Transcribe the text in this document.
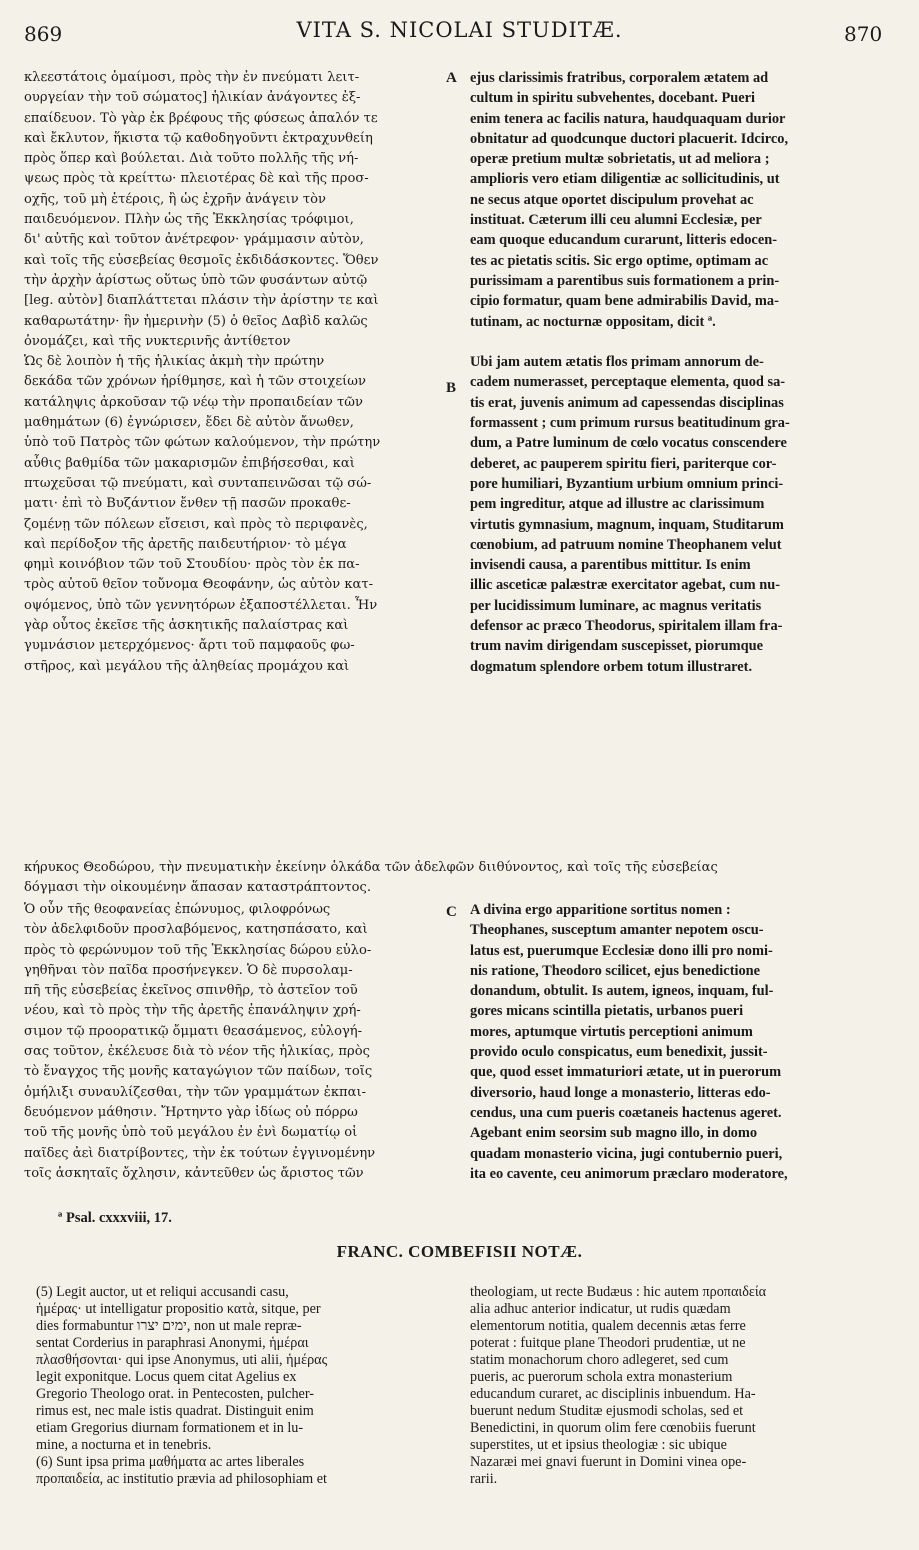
869	VITA S. NICOLAI STUDITÆ.	870
κλεεστάτοις ὁμαίμοσι, πρὸς τὴν ἐν πνεύματι λειτ-
ουργείαν τὴν τοῦ σώματος] ἡλικίαν ἀνάγοντες ἐξ-
επαίδευον. Τὸ γὰρ ἐκ βρέφους τῆς φύσεως ἁπαλόν τε
καὶ ἔκλυτον, ἥκιστα τῷ καθοδηγοῦντι ἐκτραχυνθείη
πρὸς ὅπερ καὶ βούλεται. Διὰ τοῦτο πολλῆς τῆς νή-
ψεως πρὸς τὰ κρείττω· πλειοτέρας δὲ καὶ τῆς προσ-
οχῆς, τοῦ μὴ ἑτέροις, ἢ ὡς ἐχρῆν ἀνάγειν τὸν
παιδευόμενον. Πλὴν ὡς τῆς Ἐκκλησίας τρόφιμοι,
δι' αὐτῆς καὶ τοῦτον ἀνέτρεφον· γράμμασιν αὐτὸν,
καὶ τοῖς τῆς εὐσεβείας θεσμοῖς ἐκδιδάσκοντες. Ὅθεν
τὴν ἀρχὴν ἀρίστως οὕτως ὑπὸ τῶν φυσάντων αὐτῷ
[leg. αὐτὸν] διαπλάττεται πλάσιν τὴν ἀρίστην τε καὶ
καθαρωτάτην· ἣν ἡμερινὴν (5) ὁ θεῖος Δαβὶδ καλῶς
ὀνομάζει, καὶ τῆς νυκτερινῆς ἀντίθετον
Ὡς δὲ λοιπὸν ἡ τῆς ἡλικίας ἀκμὴ τὴν πρώτην
δεκάδα τῶν χρόνων ἠρίθμησε, καὶ ἡ τῶν στοιχείων
κατάληψις ἀρκοῦσαν τῷ νέῳ τὴν προπαιδείαν τῶν
μαθημάτων (6) ἐγνώρισεν, ἔδει δὲ αὐτὸν ἄνωθεν,
ὑπὸ τοῦ Πατρὸς τῶν φώτων καλούμενον, τὴν πρώτην
αὖθις βαθμίδα τῶν μακαρισμῶν ἐπιβήσεσθαι, καὶ
πτωχεῦσαι τῷ πνεύματι, καὶ συνταπεινῶσαι τῷ σώ-
ματι· ἐπὶ τὸ Βυζάντιον ἔνθεν τῇ πασῶν προκαθε-
ζομένῃ τῶν πόλεων εἴσεισι, καὶ πρὸς τὸ περιφανὲς,
καὶ περίδοξον τῆς ἀρετῆς παιδευτήριον· τὸ μέγα
φημὶ κοινόβιον τῶν τοῦ Στουδίου· πρὸς τὸν ἐκ πα-
τρὸς αὐτοῦ θεῖον τοὔνομα Θεοφάνην, ὡς αὐτὸν κατ-
οψόμενος, ὑπὸ τῶν γεννητόρων ἐξαποστέλλεται. Ἦν
γὰρ οὗτος ἐκεῖσε τῆς ἀσκητικῆς παλαίστρας καὶ
γυμνάσιον μετερχόμενος· ἄρτι τοῦ παμφαοῦς φω-
στῆρος, καὶ μεγάλου τῆς ἀληθείας προμάχου καὶ
ejus clarissimis fratribus, corporalem ætatem ad
cultum in spiritu subvehentes, docebant. Pueri
enim tenera ac facilis natura, haudquaquam durior
obnitatur ad quodcunque ductori placuerit. Idcirco,
operæ pretium multæ sobrietatis, ut ad meliora ;
amplioris vero etiam diligentiæ ac sollicitudinis, ut
ne secus atque oportet discipulum provehat ac
instituat. Cæterum illi ceu alumni Ecclesiæ, per
eam quoque educandum curarunt, litteris edocen-
tes ac pietatis scitis. Sic ergo optime, optimam ac
purissimam a parentibus suis formationem a prin-
cipio formatur, quam bene admirabilis David, ma-
tutinam, ac nocturnæ oppositam, dicit ª.
Ubi jam autem ætatis flos primam annorum de-
cadem numerasset, perceptaque elementa, quod sa-
tis erat, juvenis animum ad capessendas disciplinas
formassent ; cum primum rursus beatitudinum gra-
dum, a Patre luminum de cœlo vocatus conscendere
deberet, ac pauperem spiritu fieri, pariterque cor-
pore humiliari, Byzantium urbium omnium princi-
pem ingreditur, atque ad illustre ac clarissimum
virtutis gymnasium, magnum, inquam, Studitarum
cœnobium, ad patruum nomine Theophanem velut
invisendi causa, a parentibus mittitur. Is enim
illic asceticæ palæstræ exercitator agebat, cum nu-
per lucidissimum luminare, ac magnus veritatis
defensor ac præco Theodorus, spiritalem illam fra-
trum navim dirigendam suscepisset, piorumque
dogmatum splendore orbem totum illustraret.
A
B
κήρυκος Θεοδώρου, τὴν πνευματικὴν ἐκείνην ὁλκάδα τῶν ἀδελφῶν διιθύνοντος, καὶ τοῖς τῆς εὐσεβείας
δόγμασι τὴν οἰκουμένην ἅπασαν καταστράπτοντος.
C
Ὁ οὖν τῆς θεοφανείας ἐπώνυμος, φιλοφρόνως
τὸν ἀδελφιδοῦν προσλαβόμενος, κατησπάσατο, καὶ
πρὸς τὸ φερώνυμον τοῦ τῆς Ἐκκλησίας δώρου εὐλο-
γηθῆναι τὸν παῖδα προσήνεγκεν. Ὁ δὲ πυρσολαμ-
πῆ τῆς εὐσεβείας ἐκεῖνος σπινθῆρ, τὸ ἀστεῖον τοῦ
νέου, καὶ τὸ πρὸς τὴν τῆς ἀρετῆς ἐπανάληψιν χρή-
σιμον τῷ προορατικῷ ὄμματι θεασάμενος, εὐλογή-
σας τοῦτον, ἐκέλευσε διὰ τὸ νέον τῆς ἡλικίας, πρὸς
τὸ ἔναγχος τῆς μονῆς καταγώγιον τῶν παίδων, τοῖς
ὁμήλιξι συναυλίζεσθαι, τὴν τῶν γραμμάτων ἐκπαι-
δευόμενον μάθησιν. Ἤρτηντο γὰρ ἰδίως οὐ πόρρω
τοῦ τῆς μονῆς ὑπὸ τοῦ μεγάλου ἐν ἑνὶ δωματίῳ οἱ
παῖδες ἀεὶ διατρίβοντες, τὴν ἐκ τούτων ἐγγινομένην
τοῖς ἀσκηταῖς ὄχλησιν, κἀντεῦθεν ὡς ἄριστος τῶν
A divina ergo apparitione sortitus nomen :
Theophanes, susceptum amanter nepotem oscu-
latus est, puerumque Ecclesiæ dono illi pro nomi-
nis ratione, Theodoro scilicet, ejus benedictione
donandum, obtulit. Is autem, igneos, inquam, ful-
gores micans scintilla pietatis, urbanos pueri
mores, aptumque virtutis perceptioni animum
provido oculo conspicatus, eum benedixit, jussit-
que, quod esset immaturiori ætate, ut in puerorum
diversorio, haud longe a monasterio, litteras edo-
cendus, una cum pueris coætaneis hactenus ageret.
Agebant enim seorsim sub magno illo, in domo
quadam monasterio vicina, jugi contubernio pueri,
ita eo cavente, ceu animorum præclaro moderatore,
ª Psal. cxxxviii, 17.
FRANC. COMBEFISII NOTÆ.
(5) Legit auctor, ut et reliqui accusandi casu,
ἡμέρας· ut intelligatur propositio κατὰ, sitque, per
dies formabuntur ימים יצרו, non ut male repræ-
sentat Corderius in paraphrasi Anonymi, ἡμέραι
πλασθήσονται· qui ipse Anonymus, uti alii, ἡμέρας
legit exponitque. Locus quem citat Agelius ex
Gregorio Theologo orat. in Pentecosten, pulcher-
rimus est, nec male istis quadrat. Distinguit enim
etiam Gregorius diurnam formationem et in lu-
mine, a nocturna et in tenebris.
(6) Sunt ipsa prima μαθήματα ac artes liberales
προπαιδεία, ac institutio prævia ad philosophiam et
theologiam, ut recte Budæus : hic autem προπαιδεία
alia adhuc anterior indicatur, ut rudis quædam
elementorum notitia, qualem decennis ætas ferre
poterat : fuitque plane Theodori prudentiæ, ut ne
statim monachorum choro adlegeret, sed cum
pueris, ac puerorum schola extra monasterium
educandum curaret, ac disciplinis inbuendum. Ha-
buerunt nedum Studitæ ejusmodi scholas, sed et
Benedictini, in quorum olim fere cœnobiis fuerunt
superstites, ut et ipsius theologiæ : sic ubique
Nazaræi mei gnavi fuerunt in Domini vinea ope-
rarii.
